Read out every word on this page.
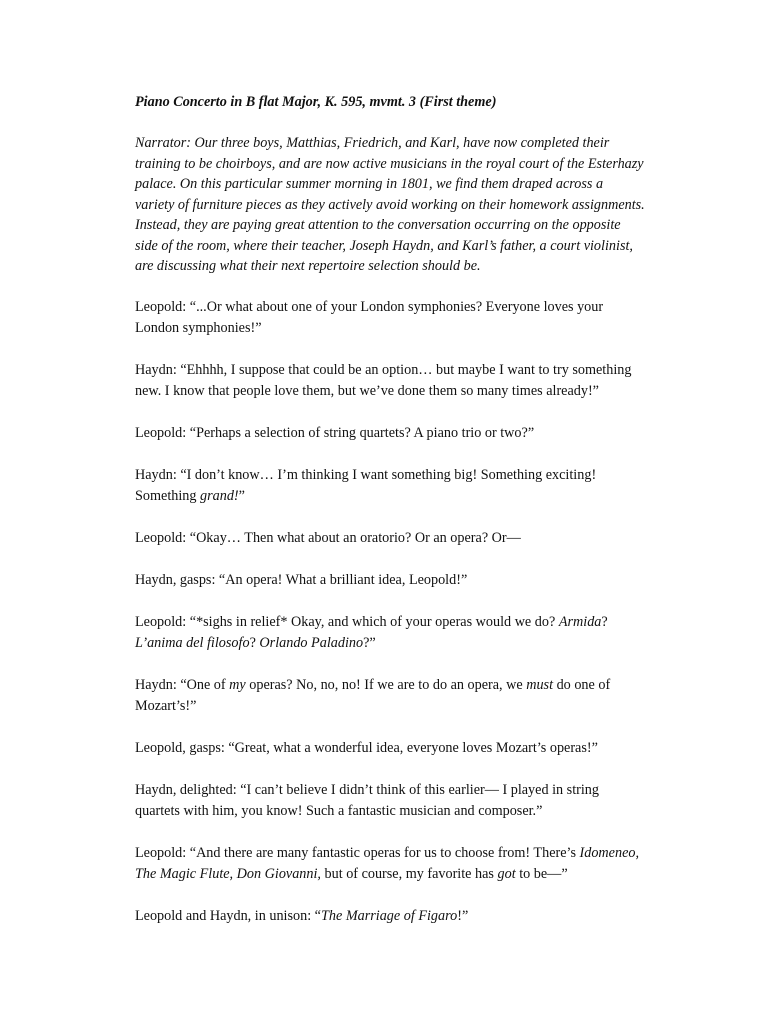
Piano Concerto in B flat Major, K. 595, mvmt. 3 (First theme)
Narrator: Our three boys, Matthias, Friedrich, and Karl, have now completed their
training to be choirboys, and are now active musicians in the royal court of the Esterhazy
palace. On this particular summer morning in 1801, we find them draped across a
variety of furniture pieces as they actively avoid working on their homework assignments.
Instead, they are paying great attention to the conversation occurring on the opposite
side of the room, where their teacher, Joseph Haydn, and Karl’s father, a court violinist,
are discussing what their next repertoire selection should be.
Leopold: “...Or what about one of your London symphonies? Everyone loves your
London symphonies!”
Haydn: “Ehhhh, I suppose that could be an option… but maybe I want to try something
new. I know that people love them, but we’ve done them so many times already!”
Leopold: “Perhaps a selection of string quartets? A piano trio or two?”
Haydn: “I don’t know… I’m thinking I want something big! Something exciting!
Something grand!”
Leopold: “Okay… Then what about an oratorio? Or an opera? Or—
Haydn, gasps: “An opera! What a brilliant idea, Leopold!”
Leopold: “*sighs in relief* Okay, and which of your operas would we do? Armida?
L’anima del filosofo? Orlando Paladino?”
Haydn: “One of my operas? No, no, no! If we are to do an opera, we must do one of
Mozart’s!”
Leopold, gasps: “Great, what a wonderful idea, everyone loves Mozart’s operas!”
Haydn, delighted: “I can’t believe I didn’t think of this earlier— I played in string
quartets with him, you know! Such a fantastic musician and composer.”
Leopold: “And there are many fantastic operas for us to choose from! There’s Idomeneo,
The Magic Flute, Don Giovanni, but of course, my favorite has got to be—”
Leopold and Haydn, in unison: “The Marriage of Figaro!”
